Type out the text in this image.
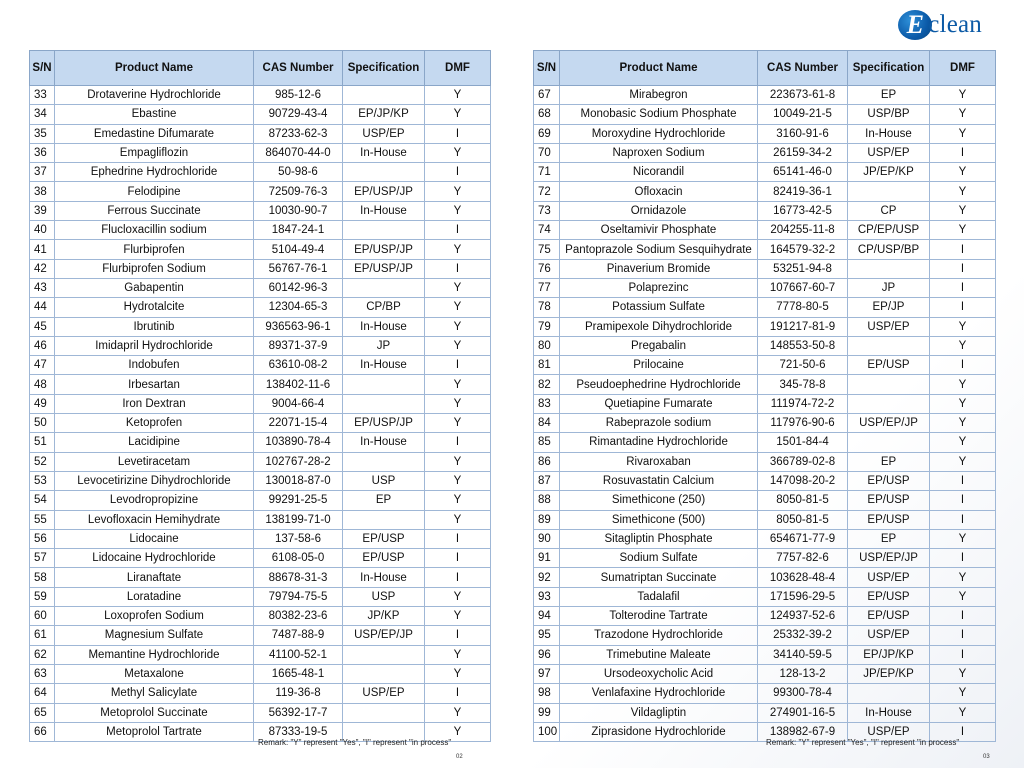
E clean
S/N	Product Name	CAS Number	Specification	DMF
33	Drotaverine Hydrochloride	985-12-6		Y
34	Ebastine	90729-43-4	EP/JP/KP	Y
35	Emedastine Difumarate	87233-62-3	USP/EP	I
36	Empagliflozin	864070-44-0	In-House	Y
37	Ephedrine Hydrochloride	50-98-6		I
38	Felodipine	72509-76-3	EP/USP/JP	Y
39	Ferrous Succinate	10030-90-7	In-House	Y
40	Flucloxacillin sodium	1847-24-1		I
41	Flurbiprofen	5104-49-4	EP/USP/JP	Y
42	Flurbiprofen Sodium	56767-76-1	EP/USP/JP	I
43	Gabapentin	60142-96-3		Y
44	Hydrotalcite	12304-65-3	CP/BP	Y
45	Ibrutinib	936563-96-1	In-House	Y
46	Imidapril Hydrochloride	89371-37-9	JP	Y
47	Indobufen	63610-08-2	In-House	I
48	Irbesartan	138402-11-6		Y
49	Iron Dextran	9004-66-4		Y
50	Ketoprofen	22071-15-4	EP/USP/JP	Y
51	Lacidipine	103890-78-4	In-House	I
52	Levetiracetam	102767-28-2		Y
53	Levocetirizine Dihydrochloride	130018-87-0	USP	Y
54	Levodropropizine	99291-25-5	EP	Y
55	Levofloxacin Hemihydrate	138199-71-0		Y
56	Lidocaine	137-58-6	EP/USP	I
57	Lidocaine Hydrochloride	6108-05-0	EP/USP	I
58	Liranaftate	88678-31-3	In-House	I
59	Loratadine	79794-75-5	USP	Y
60	Loxoprofen Sodium	80382-23-6	JP/KP	Y
61	Magnesium Sulfate	7487-88-9	USP/EP/JP	I
62	Memantine Hydrochloride	41100-52-1		Y
63	Metaxalone	1665-48-1		Y
64	Methyl Salicylate	119-36-8	USP/EP	I
65	Metoprolol Succinate	56392-17-7		Y
66	Metoprolol Tartrate	87333-19-5		Y
S/N	Product Name	CAS Number	Specification	DMF
67	Mirabegron	223673-61-8	EP	Y
68	Monobasic Sodium Phosphate	10049-21-5	USP/BP	Y
69	Moroxydine Hydrochloride	3160-91-6	In-House	Y
70	Naproxen Sodium	26159-34-2	USP/EP	I
71	Nicorandil	65141-46-0	JP/EP/KP	Y
72	Ofloxacin	82419-36-1		Y
73	Ornidazole	16773-42-5	CP	Y
74	Oseltamivir Phosphate	204255-11-8	CP/EP/USP	Y
75	Pantoprazole Sodium Sesquihydrate	164579-32-2	CP/USP/BP	I
76	Pinaverium Bromide	53251-94-8		I
77	Polaprezinc	107667-60-7	JP	I
78	Potassium Sulfate	7778-80-5	EP/JP	I
79	Pramipexole Dihydrochloride	191217-81-9	USP/EP	Y
80	Pregabalin	148553-50-8		Y
81	Prilocaine	721-50-6	EP/USP	I
82	Pseudoephedrine Hydrochloride	345-78-8		Y
83	Quetiapine Fumarate	111974-72-2		Y
84	Rabeprazole sodium	117976-90-6	USP/EP/JP	Y
85	Rimantadine Hydrochloride	1501-84-4		Y
86	Rivaroxaban	366789-02-8	EP	Y
87	Rosuvastatin Calcium	147098-20-2	EP/USP	I
88	Simethicone (250)	8050-81-5	EP/USP	I
89	Simethicone (500)	8050-81-5	EP/USP	I
90	Sitagliptin Phosphate	654671-77-9	EP	Y
91	Sodium Sulfate	7757-82-6	USP/EP/JP	I
92	Sumatriptan Succinate	103628-48-4	USP/EP	Y
93	Tadalafil	171596-29-5	EP/USP	Y
94	Tolterodine Tartrate	124937-52-6	EP/USP	I
95	Trazodone Hydrochloride	25332-39-2	USP/EP	I
96	Trimebutine Maleate	34140-59-5	EP/JP/KP	I
97	Ursodeoxycholic Acid	128-13-2	JP/EP/KP	Y
98	Venlafaxine Hydrochloride	99300-78-4		Y
99	Vildagliptin	274901-16-5	In-House	Y
100	Ziprasidone Hydrochloride	138982-67-9	USP/EP	I
Remark: "Y" represent "Yes", "I" represent "in process"	Remark: "Y" represent "Yes", "I" represent "in process"
02	03
